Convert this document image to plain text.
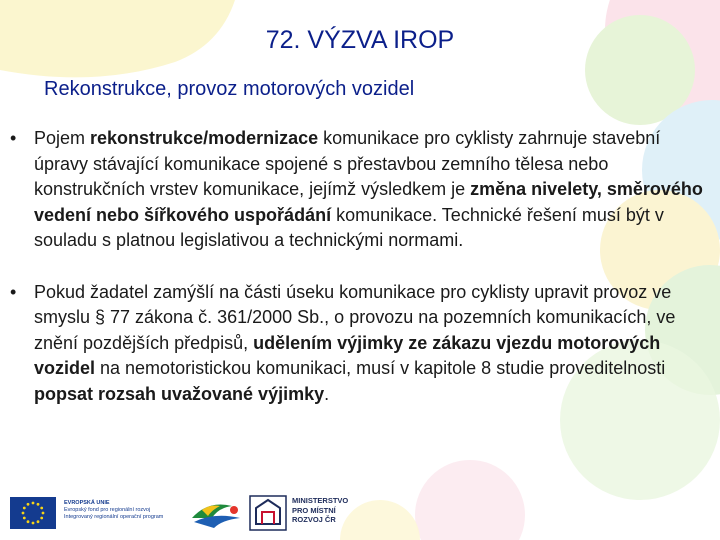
72. VÝZVA IROP
Rekonstrukce, provoz motorových vozidel
• Pojem rekonstrukce/modernizace komunikace pro cyklisty zahrnuje stavební úpravy stávající komunikace spojené s přestavbou zemního tělesa nebo konstrukčních vrstev komunikace, jejímž výsledkem je změna nivelety, směrového vedení nebo šířkového uspořádání komunikace. Technické řešení musí být v souladu s platnou legislativou a technickými normami.
• Pokud žadatel zamýšlí na části úseku komunikace pro cyklisty upravit provoz ve smyslu § 77 zákona č. 361/2000 Sb., o provozu na pozemních komunikacích, ve znění pozdějších předpisů, udělením výjimky ze zákazu vjezdu motorových vozidel na nemotoristickou komunikaci, musí v kapitole 8 studie proveditelnosti popsat rozsah uvažované výjimky.
EVROPSKÁ UNIE
Evropský fond pro regionální rozvoj
Integrovaný regionální operační program
MINISTERSTVO
PRO MÍSTNÍ
ROZVOJ ČR
